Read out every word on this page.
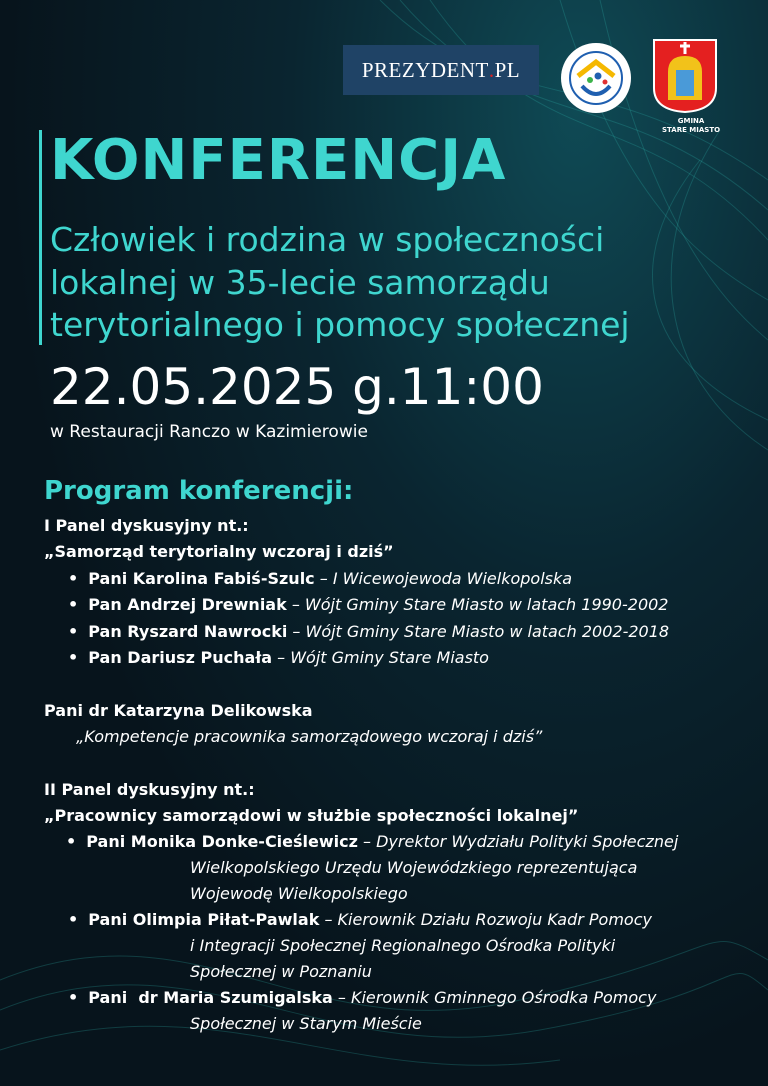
PREZYDENT . PL
GMINA
STARE MIASTO
KONFERENCJA
Człowiek i rodzina w społeczności
lokalnej w 35-lecie samorządu
terytorialnego i pomocy społecznej
22.05.2025 g.11:00
w Restauracji Ranczo w Kazimierowie
Program konferencji:
I Panel dyskusyjny nt.:
„Samorząd terytorialny wczoraj i dziś”
• Pani Karolina Fabiś-Szulc – I Wicewojewoda Wielkopolska
• Pan Andrzej Drewniak – Wójt Gminy Stare Miasto w latach 1990-2002
• Pan Ryszard Nawrocki – Wójt Gminy Stare Miasto w latach 2002-2018
• Pan Dariusz Puchała – Wójt Gminy Stare Miasto
Pani dr Katarzyna Delikowska
„Kompetencje pracownika samorządowego wczoraj i dziś”
II Panel dyskusyjny nt.:
„Pracownicy samorządowi w służbie społeczności lokalnej”
• Pani Monika Donke-Cieślewicz – Dyrektor Wydziału Polityki Społecznej
Wielkopolskiego Urzędu Wojewódzkiego reprezentująca
Wojewodę Wielkopolskiego
• Pani Olimpia Piłat-Pawlak – Kierownik Działu Rozwoju Kadr Pomocy
i Integracji Społecznej Regionalnego Ośrodka Polityki
Społecznej w Poznaniu
• Pani  dr Maria Szumigalska – Kierownik Gminnego Ośrodka Pomocy
Społecznej w Starym Mieście
